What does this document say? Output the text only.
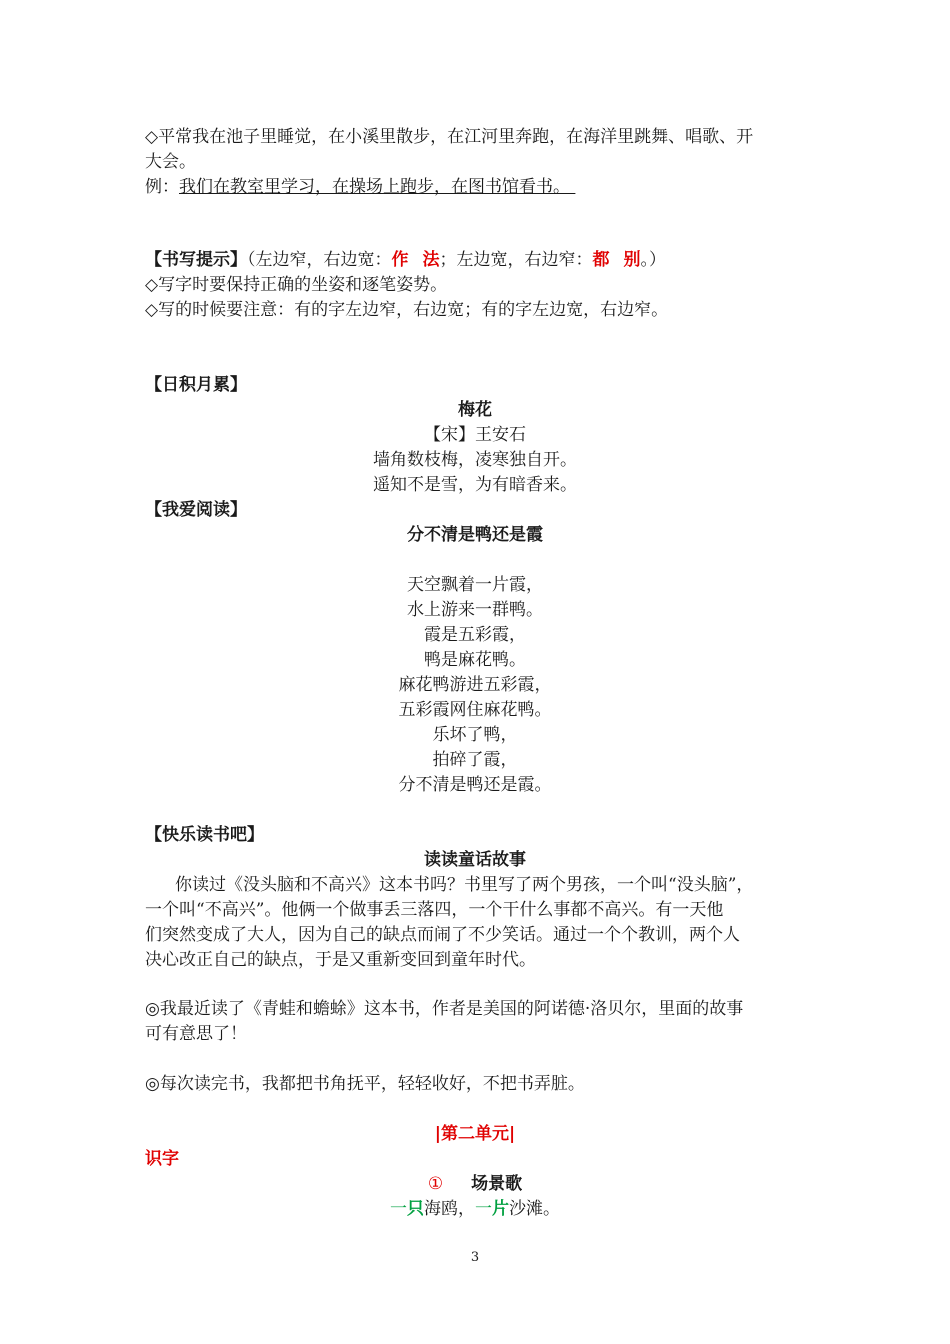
◇平常我在池子里睡觉，在小溪里散步，在江河里奔跑，在海洋里跳舞、唱歌、开
大会。
例：我们在教室里学习，在操场上跑步，在图书馆看书。
【书写提示】（左边窄，右边宽：作 法；左边宽，右边窄：都 别。）
◇写字时要保持正确的坐姿和逐笔姿势。
◇写的时候要注意：有的字左边窄，右边宽；有的字左边宽，右边窄。
【日积月累】
梅花
【宋】王安石
墙角数枝梅，凌寒独自开。
遥知不是雪，为有暗香来。
【我爱阅读】
分不清是鸭还是霞
天空飘着一片霞，
水上游来一群鸭。
霞是五彩霞，
鸭是麻花鸭。
麻花鸭游进五彩霞，
五彩霞网住麻花鸭。
乐坏了鸭，
拍碎了霞，
分不清是鸭还是霞。
【快乐读书吧】
读读童话故事
你读过《没头脑和不高兴》这本书吗？书里写了两个男孩，一个叫“没头脑”，
一个叫“不高兴”。他俩一个做事丢三落四，一个干什么事都不高兴。有一天他
们突然变成了大人，因为自己的缺点而闹了不少笑话。通过一个个教训，两个人
决心改正自己的缺点，于是又重新变回到童年时代。
◎我最近读了《青蛙和蟾蜍》这本书，作者是美国的阿诺德·洛贝尔，里面的故事
可有意思了！
◎每次读完书，我都把书角抚平，轻轻收好，不把书弄脏。
|第二单元|
识字
① 场景歌
一只海鸥，一片沙滩。
3
